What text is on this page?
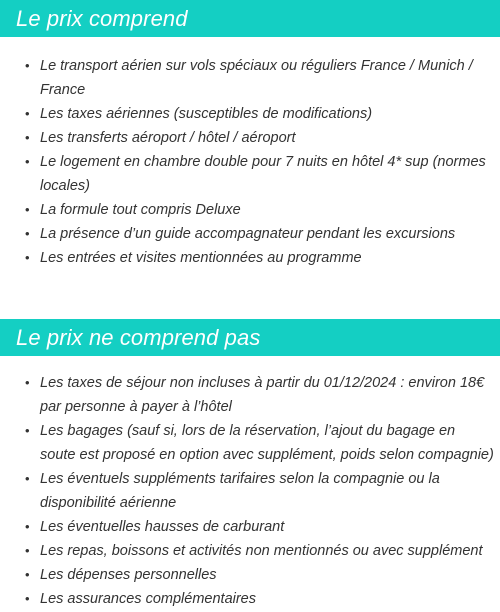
Le prix comprend
• Le transport aérien sur vols spéciaux ou réguliers France / Munich / France
• Les taxes aériennes (susceptibles de modifications)
• Les transferts aéroport / hôtel / aéroport
• Le logement en chambre double pour 7 nuits en hôtel 4* sup (normes locales)
• La formule tout compris Deluxe
• La présence d’un guide accompagnateur pendant les excursions
• Les entrées et visites mentionnées au programme
Le prix ne comprend pas
• Les taxes de séjour non incluses à partir du 01/12/2024 : environ 18€ par personne à payer à l’hôtel
• Les bagages (sauf si, lors de la réservation, l’ajout du bagage en soute est proposé en option avec supplément, poids selon compagnie)
• Les éventuels suppléments tarifaires selon la compagnie ou la disponibilité aérienne
• Les éventuelles hausses de carburant
• Les repas, boissons et activités non mentionnés ou avec supplément
• Les dépenses personnelles
• Les assurances complémentaires
